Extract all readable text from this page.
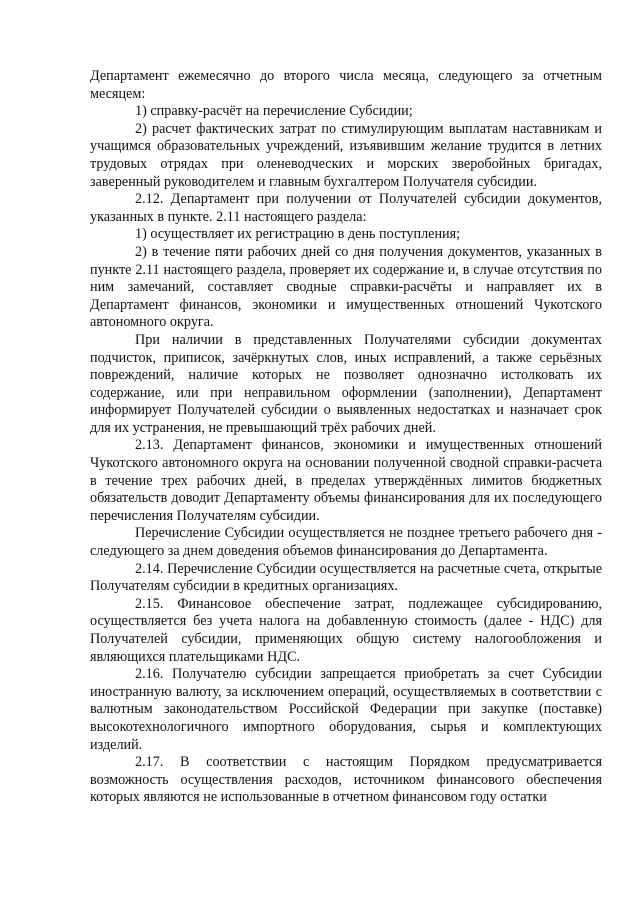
Департамент ежемесячно до второго числа месяца, следующего за отчетным месяцем:

1) справку-расчёт на перечисление Субсидии;

2) расчет фактических затрат по стимулирующим выплатам наставникам и учащимся образовательных учреждений, изъявившим желание трудится в летних трудовых отрядах при оленеводческих и морских зверобойных бригадах, заверенный руководителем и главным бухгалтером Получателя субсидии.

2.12. Департамент при получении от Получателей субсидии документов, указанных в пункте. 2.11 настоящего раздела:

1) осуществляет их регистрацию в день поступления;

2) в течение пяти рабочих дней со дня получения документов, указанных в пункте 2.11 настоящего раздела, проверяет их содержание и, в случае отсутствия по ним замечаний, составляет сводные справки-расчёты и направляет их в Департамент финансов, экономики и имущественных отношений Чукотского автономного округа.

При наличии в представленных Получателями субсидии документах подчисток, приписок, зачёркнутых слов, иных исправлений, а также серьёзных повреждений, наличие которых не позволяет однозначно истолковать их содержание, или при неправильном оформлении (заполнении), Департамент информирует Получателей субсидии о выявленных недостатках и назначает срок для их устранения, не превышающий трёх рабочих дней.

2.13. Департамент финансов, экономики и имущественных отношений Чукотского автономного округа на основании полученной сводной справки-расчета в течение трех рабочих дней, в пределах утверждённых лимитов бюджетных обязательств доводит Департаменту объемы финансирования для их последующего перечисления Получателям субсидии.

Перечисление Субсидии осуществляется не позднее третьего рабочего дня - следующего за днем доведения объемов финансирования до Департамента.

2.14. Перечисление Субсидии осуществляется на расчетные счета, открытые Получателям субсидии в кредитных организациях.

2.15. Финансовое обеспечение затрат, подлежащее субсидированию, осуществляется без учета налога на добавленную стоимость (далее - НДС) для Получателей субсидии, применяющих общую систему налогообложения и являющихся плательщиками НДС.

2.16. Получателю субсидии запрещается приобретать за счет Субсидии иностранную валюту, за исключением операций, осуществляемых в соответствии с валютным законодательством Российской Федерации при закупке (поставке) высокотехнологичного импортного оборудования, сырья и комплектующих изделий.

2.17. В соответствии с настоящим Порядком предусматривается возможность осуществления расходов, источником финансового обеспечения которых являются не использованные в отчетном финансовом году остатки
